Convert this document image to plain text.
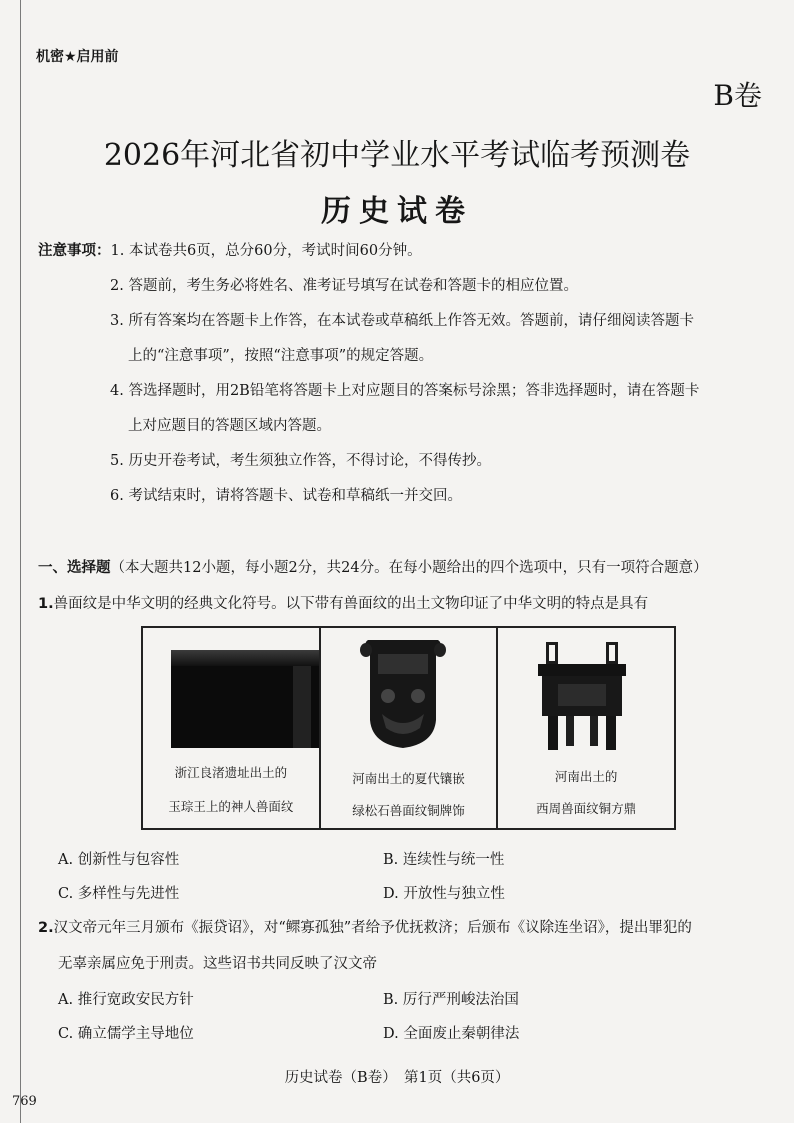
机密★启用前
B卷
2026年河北省初中学业水平考试临考预测卷
历史试卷
注意事项：1. 本试卷共6页，总分60分，考试时间60分钟。
2. 答题前，考生务必将姓名、准考证号填写在试卷和答题卡的相应位置。
3. 所有答案均在答题卡上作答，在本试卷或草稿纸上作答无效。答题前，请仔细阅读答题卡
上的“注意事项”，按照“注意事项”的规定答题。
4. 答选择题时，用2B铅笔将答题卡上对应题目的答案标号涂黑；答非选择题时，请在答题卡
上对应题目的答题区域内答题。
5. 历史开卷考试，考生须独立作答，不得讨论，不得传抄。
6. 考试结束时，请将答题卡、试卷和草稿纸一并交回。
一、选择题（本大题共12小题，每小题2分，共24分。在每小题给出的四个选项中，只有一项符合题意）
1.兽面纹是中华文明的经典文化符号。以下带有兽面纹的出土文物印证了中华文明的特点是具有
浙江良渚遗址出土的
玉琮王上的神人兽面纹
河南出土的夏代镶嵌
绿松石兽面纹铜牌饰
河南出土的
西周兽面纹铜方鼎
A. 创新性与包容性	B. 连续性与统一性
C. 多样性与先进性	D. 开放性与独立性
2.汉文帝元年三月颁布《振贷诏》，对“鳏寡孤独”者给予优抚救济；后颁布《议除连坐诏》，提出罪犯的
无辜亲属应免于刑责。这些诏书共同反映了汉文帝
A. 推行宽政安民方针	B. 厉行严刑峻法治国
C. 确立儒学主导地位	D. 全面废止秦朝律法
历史试卷（B卷）　第1页（共6页）
769
